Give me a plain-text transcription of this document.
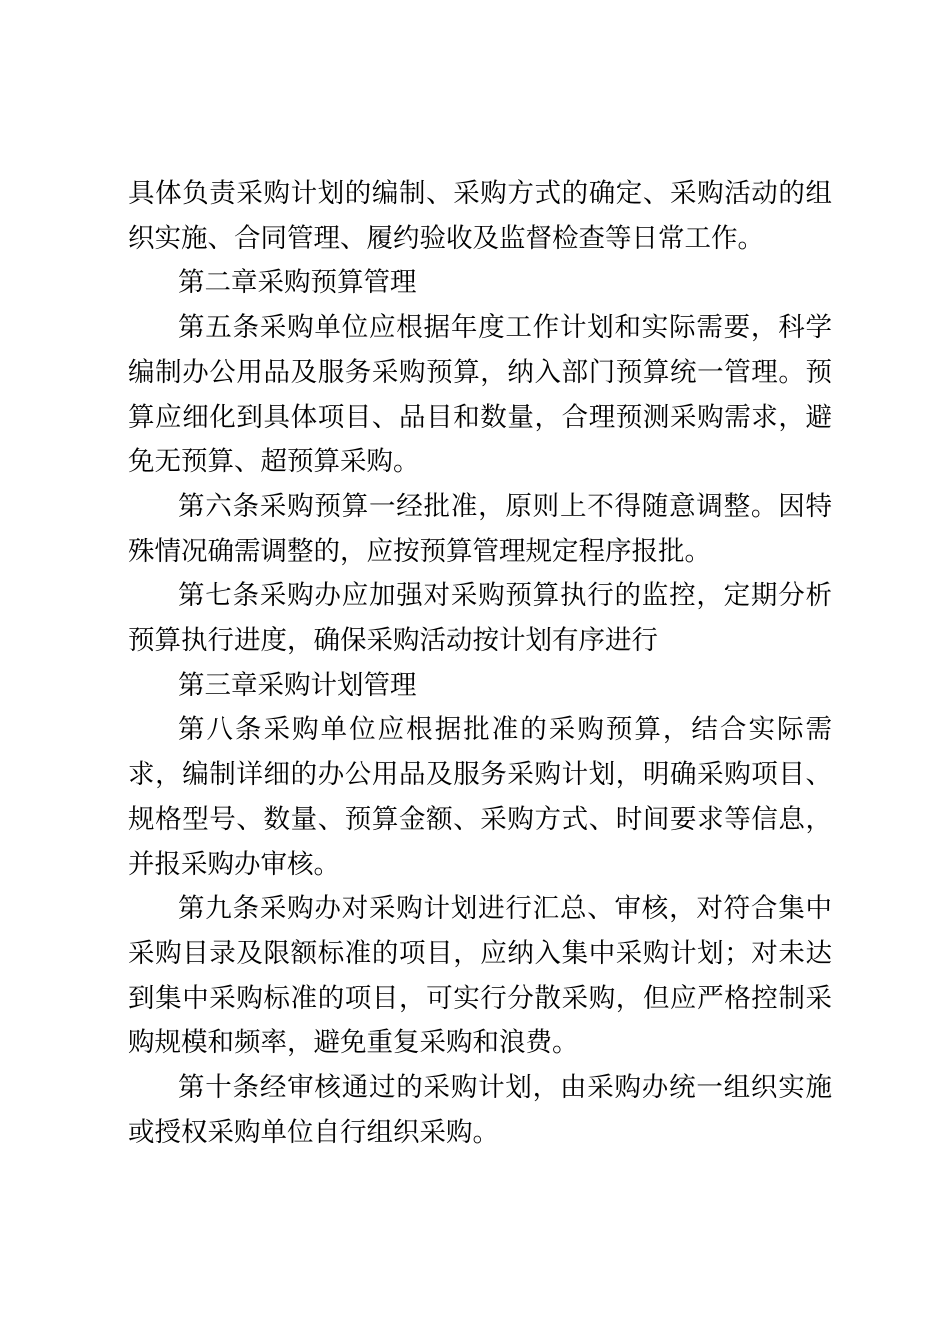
具体负责采购计划的编制、采购方式的确定、采购活动的组织实施、合同管理、履约验收及监督检查等日常工作。

第二章采购预算管理

第五条采购单位应根据年度工作计划和实际需要，科学编制办公用品及服务采购预算，纳入部门预算统一管理。预算应细化到具体项目、品目和数量，合理预测采购需求，避免无预算、超预算采购。

第六条采购预算一经批准，原则上不得随意调整。因特殊情况确需调整的，应按预算管理规定程序报批。

第七条采购办应加强对采购预算执行的监控，定期分析预算执行进度，确保采购活动按计划有序进行

第三章采购计划管理

第八条采购单位应根据批准的采购预算，结合实际需求，编制详细的办公用品及服务采购计划，明确采购项目、规格型号、数量、预算金额、采购方式、时间要求等信息，并报采购办审核。

第九条采购办对采购计划进行汇总、审核，对符合集中采购目录及限额标准的项目，应纳入集中采购计划；对未达到集中采购标准的项目，可实行分散采购，但应严格控制采购规模和频率，避免重复采购和浪费。

第十条经审核通过的采购计划，由采购办统一组织实施或授权采购单位自行组织采购。
